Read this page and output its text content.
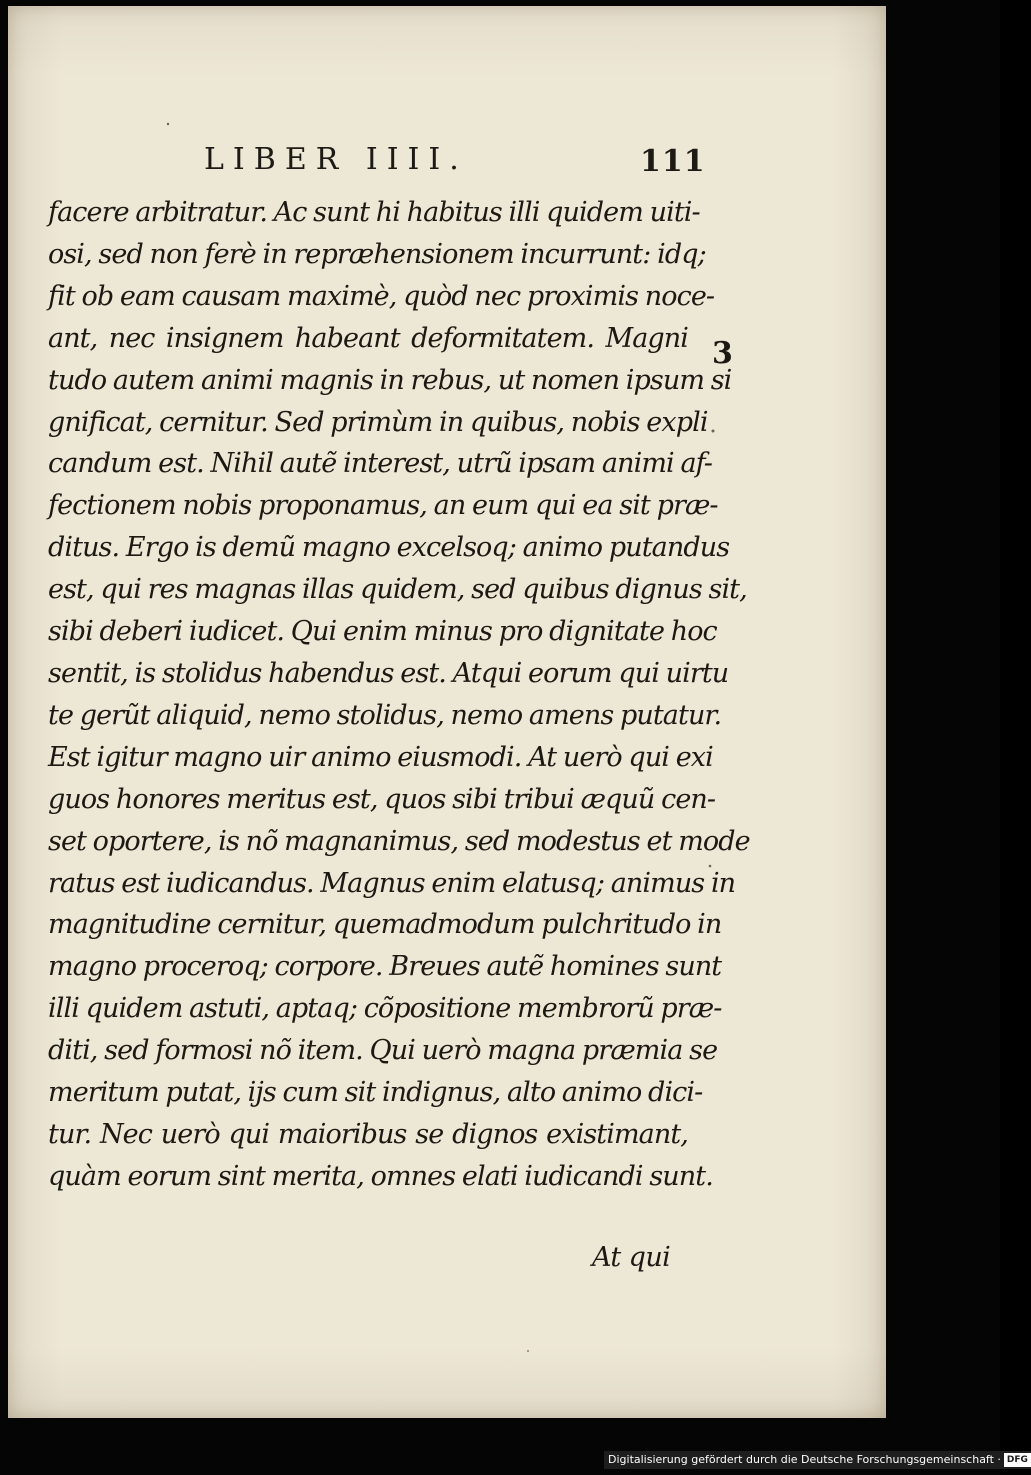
LIBER IIII.	111
3
facere arbitratur. Ac sunt hi habitus illi quidem uiti-
osi, sed non ferè in repræhensionem incurrunt: idq;
fit ob eam causam maximè, quòd nec proximis noce-
ant, nec insignem habeant deformitatem. Magni
tudo autem animi magnis in rebus, ut nomen ipsum si
gnificat, cernitur. Sed primùm in quibus, nobis expli
candum est. Nihil autẽ interest, utrũ ipsam animi af-
fectionem nobis proponamus, an eum qui ea sit præ-
ditus. Ergo is demũ magno excelsoq; animo putandus
est, qui res magnas illas quidem, sed quibus dignus sit,
sibi deberi iudicet. Qui enim minus pro dignitate hoc
sentit, is stolidus habendus est. Atqui eorum qui uirtu
te gerũt aliquid, nemo stolidus, nemo amens putatur.
Est igitur magno uir animo eiusmodi. At uerò qui exi
guos honores meritus est, quos sibi tribui æquũ cen-
set oportere, is nõ magnanimus, sed modestus et mode
ratus est iudicandus. Magnus enim elatusq; animus in
magnitudine cernitur, quemadmodum pulchritudo in
magno proceroq; corpore. Breues autẽ homines sunt
illi quidem astuti, aptaq; cõpositione membrorũ præ-
diti, sed formosi nõ item. Qui uerò magna præmia se
meritum putat, ijs cum sit indignus, alto animo dici-
tur. Nec uerò qui maioribus se dignos existimant,
quàm eorum sint merita, omnes elati iudicandi sunt.
At qui
Digitalisierung gefördert durch die Deutsche Forschungsgemeinschaft · DFG
